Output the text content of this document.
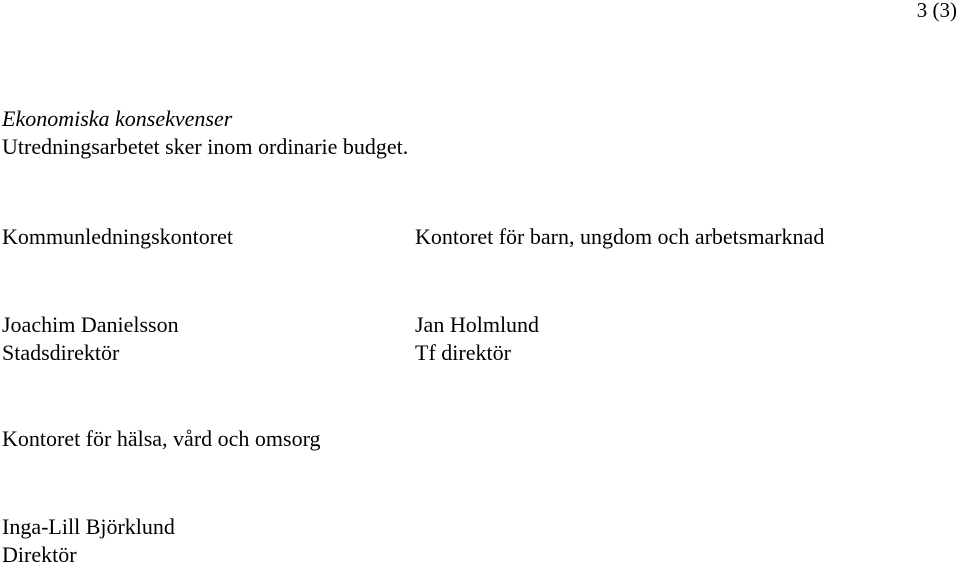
3 (3)
Ekonomiska konsekvenser
Utredningsarbetet sker inom ordinarie budget.
Kommunledningskontoret	Kontoret för barn, ungdom och arbetsmarknad
Joachim Danielsson
Stadsdirektör
Jan Holmlund
Tf direktör
Kontoret för hälsa, vård och omsorg
Inga-Lill Björklund
Direktör
